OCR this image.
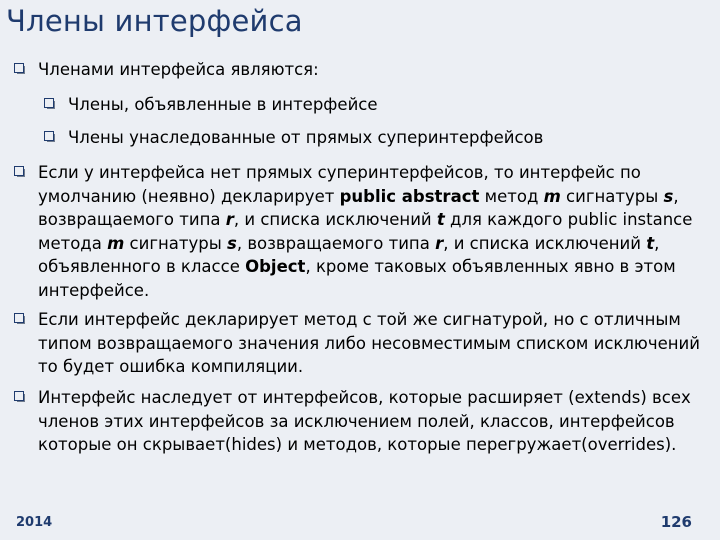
Члены интерфейса
Членами интерфейса являются:
Члены, объявленные в интерфейсе
Члены унаследованные от прямых суперинтерфейсов
Если у интерфейса нет прямых суперинтерфейсов, то интерфейс по умолчанию (неявно) декларирует public abstract метод m сигнатуры s, возвращаемого типа r, и списка исключений t для каждого public instance метода m сигнатуры s, возвращаемого типа r, и списка исключений t, объявленного в классе Object, кроме таковых объявленных явно в этом интерфейсе.
Если интерфейс декларирует метод с той же сигнатурой, но с отличным типом возвращаемого значения либо несовместимым списком исключений то будет ошибка компиляции.
Интерфейс наследует от интерфейсов, которые расширяет (extends) всех членов этих интерфейсов за исключением полей, классов, интерфейсов которые он скрывает(hides) и методов, которые перегружает(overrides).
2014	126
